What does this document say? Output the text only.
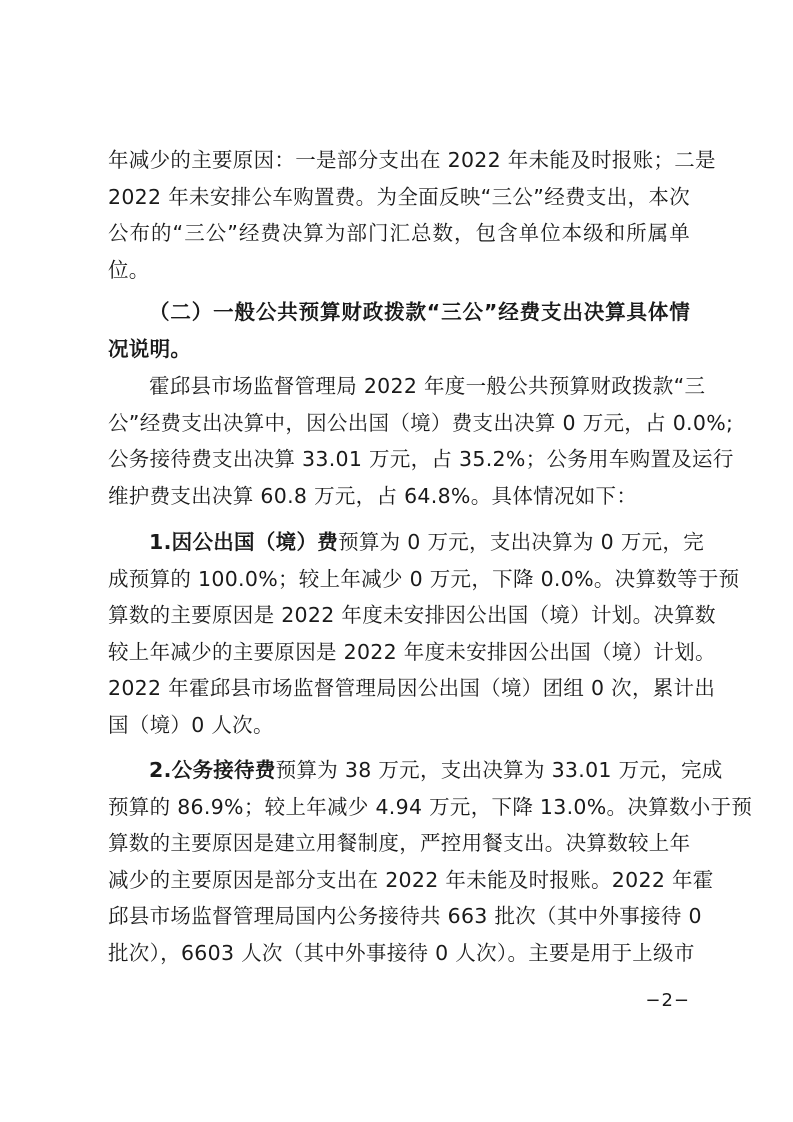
年减少的主要原因：一是部分支出在 2022 年未能及时报账；二是
2022 年未安排公车购置费。为全面反映“三公”经费支出，本次
公布的“三公”经费决算为部门汇总数，包含单位本级和所属单
位。
（二）一般公共预算财政拨款“三公”经费支出决算具体情
况说明。
霍邱县市场监督管理局 2022 年度一般公共预算财政拨款“三
公”经费支出决算中，因公出国（境）费支出决算 0 万元，占 0.0%;
公务接待费支出决算 33.01 万元，占 35.2%；公务用车购置及运行
维护费支出决算 60.8 万元，占 64.8%。具体情况如下：
1.因公出国（境）费预算为 0 万元，支出决算为 0 万元，完
成预算的 100.0%；较上年减少 0 万元，下降 0.0%。决算数等于预
算数的主要原因是 2022 年度未安排因公出国（境）计划。决算数
较上年减少的主要原因是 2022 年度未安排因公出国（境）计划。
2022 年霍邱县市场监督管理局因公出国（境）团组 0 次，累计出
国（境）0 人次。
2.公务接待费预算为 38 万元，支出决算为 33.01 万元，完成
预算的 86.9%；较上年减少 4.94 万元，下降 13.0%。决算数小于预
算数的主要原因是建立用餐制度，严控用餐支出。决算数较上年
减少的主要原因是部分支出在 2022 年未能及时报账。2022 年霍
邱县市场监督管理局国内公务接待共 663 批次（其中外事接待 0
批次），6603 人次（其中外事接待 0 人次）。主要是用于上级市
−2−
